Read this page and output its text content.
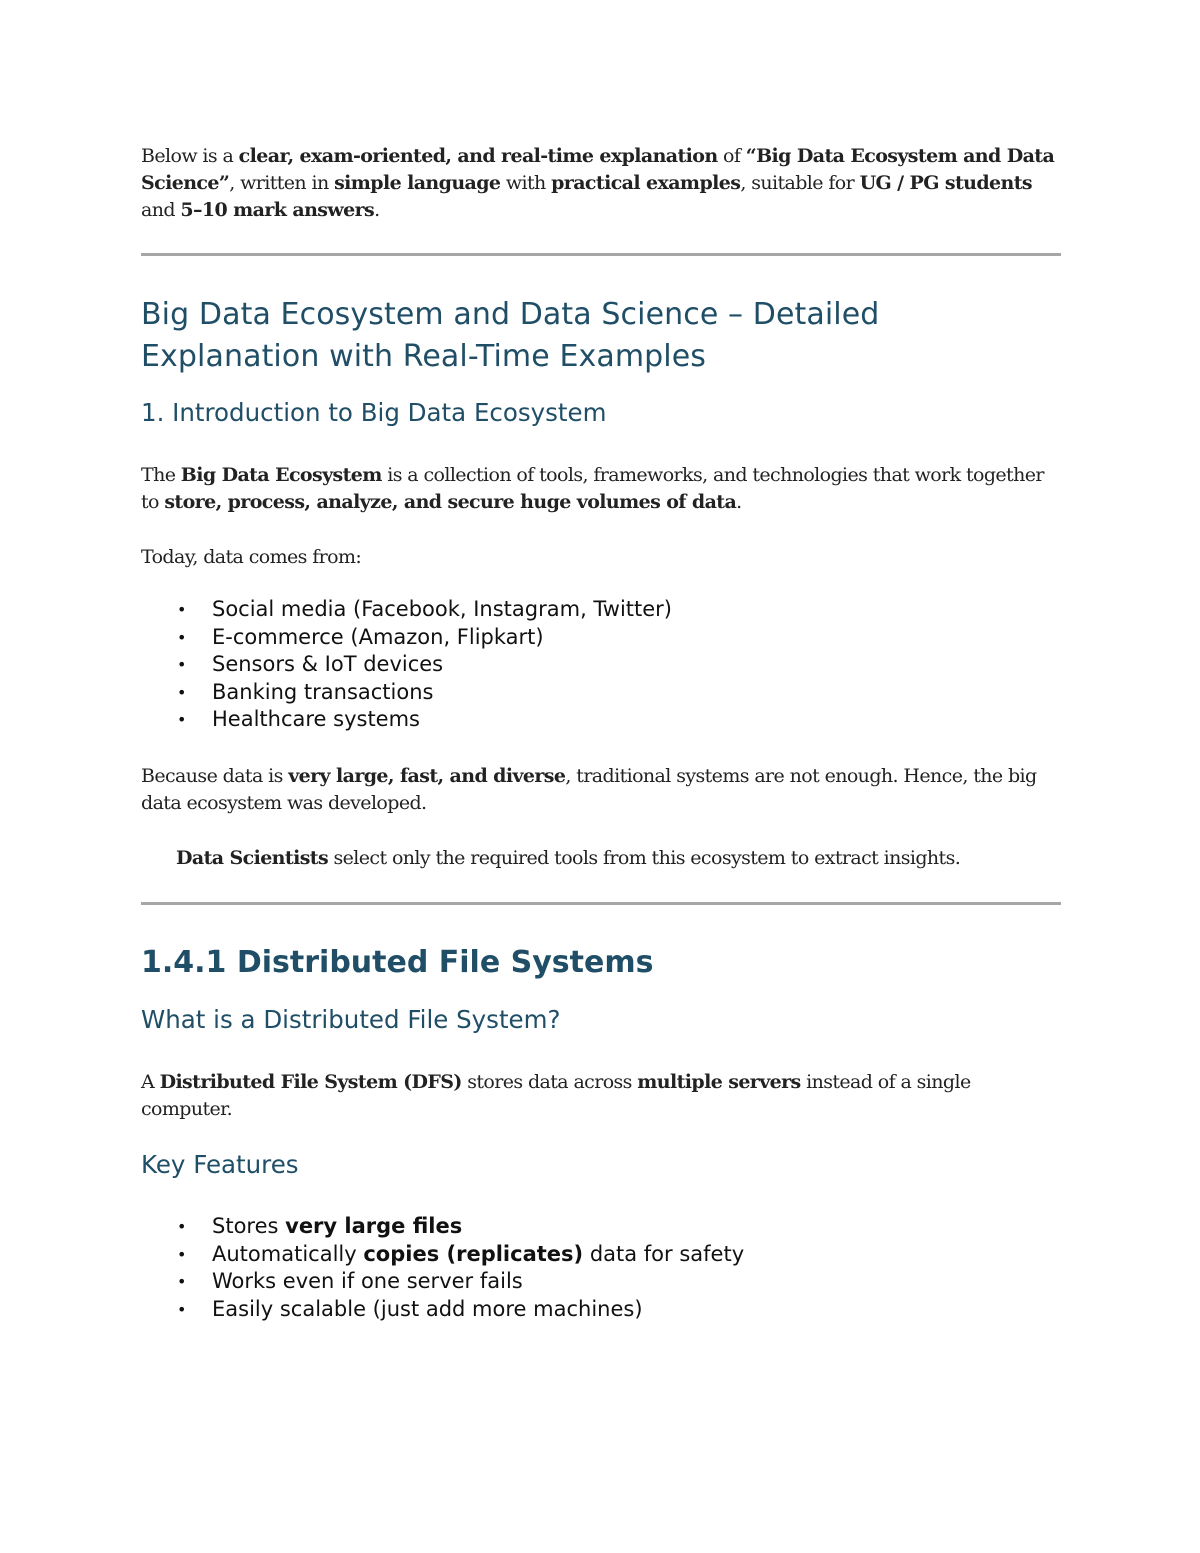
Below is a clear, exam-oriented, and real-time explanation of “Big Data Ecosystem and Data Science”, written in simple language with practical examples, suitable for UG / PG students and 5–10 mark answers.

Big Data Ecosystem and Data Science – Detailed
Explanation with Real-Time Examples
1. Introduction to Big Data Ecosystem

The Big Data Ecosystem is a collection of tools, frameworks, and technologies that work together to store, process, analyze, and secure huge volumes of data.

Today, data comes from:

• Social media (Facebook, Instagram, Twitter)
• E-commerce (Amazon, Flipkart)
• Sensors & IoT devices
• Banking transactions
• Healthcare systems

Because data is very large, fast, and diverse, traditional systems are not enough. Hence, the big data ecosystem was developed.

Data Scientists select only the required tools from this ecosystem to extract insights.

1.4.1 Distributed File Systems
What is a Distributed File System?

A Distributed File System (DFS) stores data across multiple servers instead of a single computer.

Key Features
• Stores very large files
• Automatically copies (replicates) data for safety
• Works even if one server fails
• Easily scalable (just add more machines)
